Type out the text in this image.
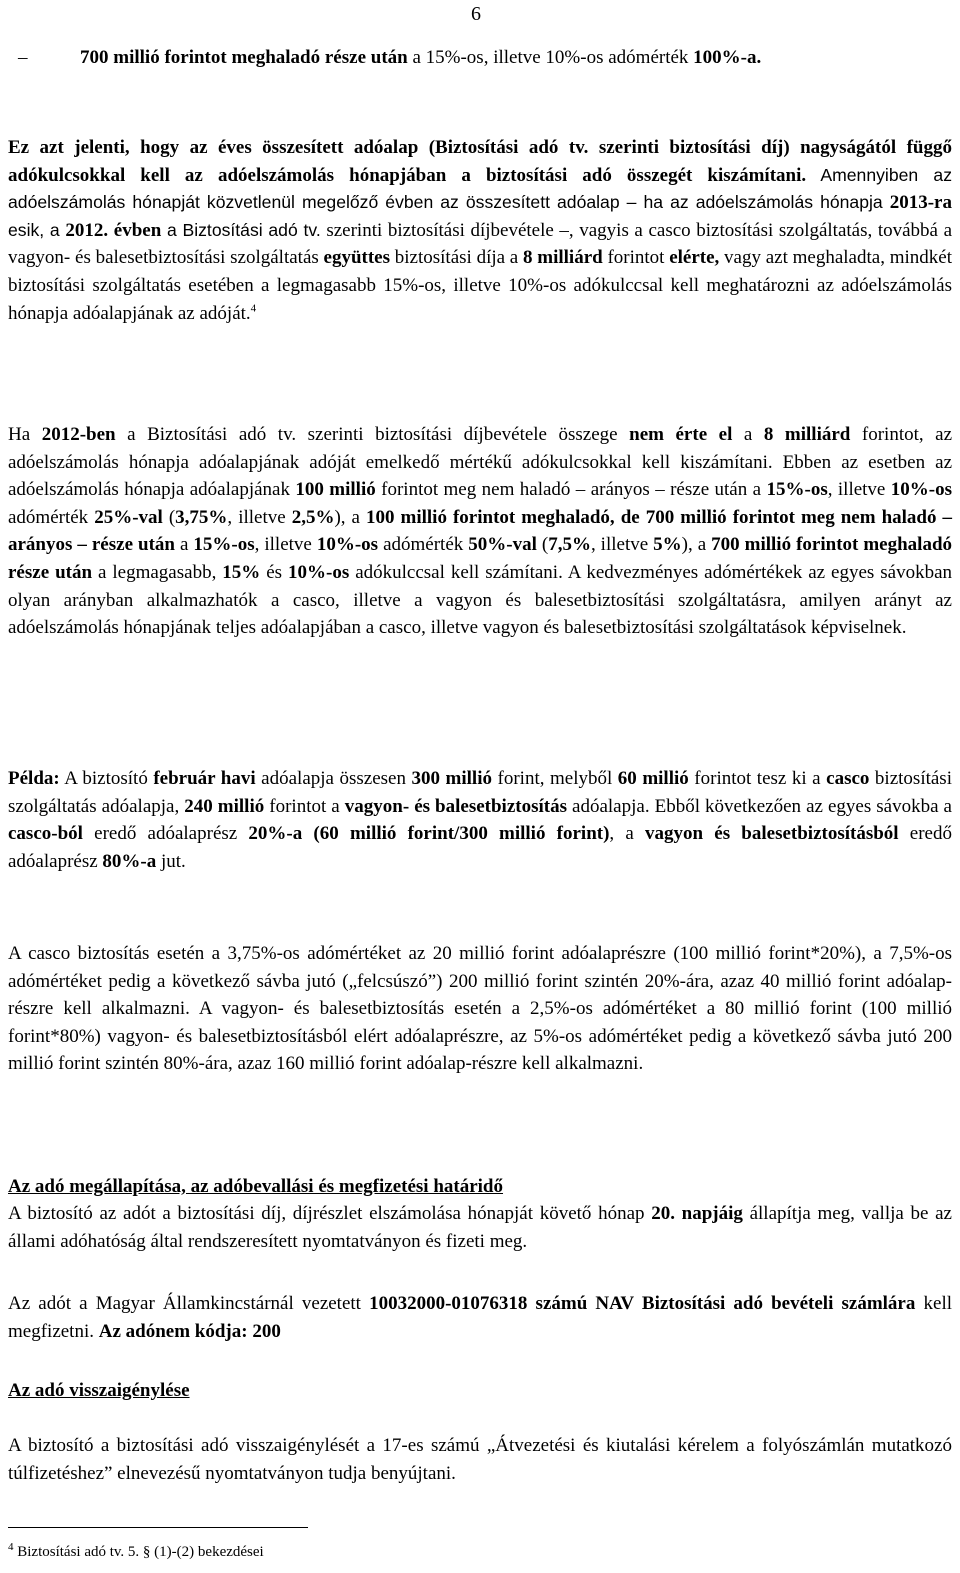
6

–	700 millió forintot meghaladó része után a 15%-os, illetve 10%-os adómérték 100%-a.

Ez azt jelenti, hogy az éves összesített adóalap (Biztosítási adó tv. szerinti biztosítási díj) nagyságától függő adókulcsokkal kell az adóelszámolás hónapjában a biztosítási adó összegét kiszámítani. Amennyiben az adóelszámolás hónapját közvetlenül megelőző évben az összesített adóalap – ha az adóelszámolás hónapja 2013-ra esik, a 2012. évben a Biztosítási adó tv. szerinti biztosítási díjbevétele –, vagyis a casco biztosítási szolgáltatás, továbbá a vagyon- és balesetbiztosítási szolgáltatás együttes biztosítási díja a 8 milliárd forintot elérte, vagy azt meghaladta, mindkét biztosítási szolgáltatás esetében a legmagasabb 15%-os, illetve 10%-os adókulccsal kell meghatározni az adóelszámolás hónapja adóalapjának az adóját.$^4$

Ha 2012-ben a Biztosítási adó tv. szerinti biztosítási díjbevétele összege nem érte el a 8 milliárd forintot, az adóelszámolás hónapja adóalapjának adóját emelkedő mértékű adókulcsokkal kell kiszámítani. Ebben az esetben az adóelszámolás hónapja adóalapjának 100 millió forintot meg nem haladó – arányos – része után a 15%-os, illetve 10%-os adómérték 25%-val (3,75%, illetve 2,5%), a 100 millió forintot meghaladó, de 700 millió forintot meg nem haladó – arányos – része után a 15%-os, illetve 10%-os adómérték 50%-val (7,5%, illetve 5%), a 700 millió forintot meghaladó része után a legmagasabb, 15% és 10%-os adókulccsal kell számítani. A kedvezményes adómértékek az egyes sávokban olyan arányban alkalmazhatók a casco, illetve a vagyon és balesetbiztosítási szolgáltatásra, amilyen arányt az adóelszámolás hónapjának teljes adóalapjában a casco, illetve vagyon és balesetbiztosítási szolgáltatások képviselnek.

Példa: A biztosító február havi adóalapja összesen 300 millió forint, melyből 60 millió forintot tesz ki a casco biztosítási szolgáltatás adóalapja, 240 millió forintot a vagyon- és balesetbiztosítás adóalapja. Ebből következően az egyes sávokba a casco-ból eredő adóalaprész 20%-a (60 millió forint/300 millió forint), a vagyon és balesetbiztosításból eredő adóalaprész 80%-a jut.

A casco biztosítás esetén a 3,75%-os adómértéket az 20 millió forint adóalaprészre (100 millió forint*20%), a 7,5%-os adómértéket pedig a következő sávba jutó („felcsúszó”) 200 millió forint szintén 20%-ára, azaz 40 millió forint adóalap-részre kell alkalmazni. A vagyon- és balesetbiztosítás esetén a 2,5%-os adómértéket a 80 millió forint (100 millió forint*80%) vagyon- és balesetbiztosításból elért adóalaprészre, az 5%-os adómértéket pedig a következő sávba jutó 200 millió forint szintén 80%-ára, azaz 160 millió forint adóalap-részre kell alkalmazni.

Az adó megállapítása, az adóbevallási és megfizetési határidő

A biztosító az adót a biztosítási díj, díjrészlet elszámolása hónapját követő hónap 20. napjáig állapítja meg, vallja be az állami adóhatóság által rendszeresített nyomtatványon és fizeti meg.

Az adót a Magyar Államkincstárnál vezetett 10032000-01076318 számú NAV Biztosítási adó bevételi számlára kell megfizetni. Az adónem kódja: 200

Az adó visszaigénylése

A biztosító a biztosítási adó visszaigénylését a 17-es számú „Átvezetési és kiutalási kérelem a folyószámlán mutatkozó túlfizetéshez” elnevezésű nyomtatványon tudja benyújtani.

$^4$ Biztosítási adó tv. 5. § (1)-(2) bekezdései
